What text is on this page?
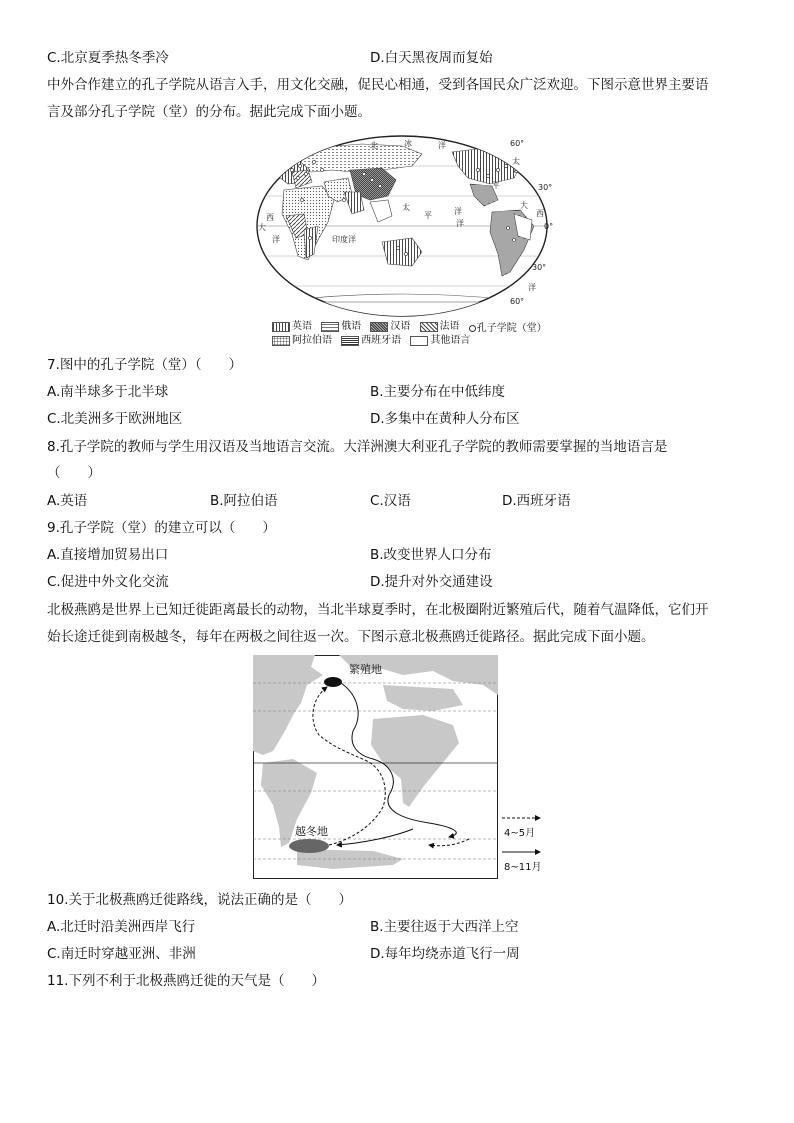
C.北京夏季热冬季冷	D.白天黑夜周而复始
中外合作建立的孔子学院从语言入手，用文化交融，促民心相通，受到各国民众广泛欢迎。下图示意世界主要语
言及部分孔子学院（堂）的分布。据此完成下面小题。
北	冰	洋
太
平
洋
太
平
洋
大
西
洋
西
印度洋
大
洋
60°
30°
0°
30°
60°
英语
	俄语
	汉语
	法语
孔子学院（堂）
阿拉伯语
	西班牙语
	其他语言
7.图中的孔子学院（堂）（　　）
A.南半球多于北半球	B.主要分布在中低纬度
C.北美洲多于欧洲地区	D.多集中在黄种人分布区
8.孔子学院的教师与学生用汉语及当地语言交流。大洋洲澳大利亚孔子学院的教师需要掌握的当地语言是
（　　）
A.英语	B.阿拉伯语	C.汉语	D.西班牙语
9.孔子学院（堂）的建立可以（　　）
A.直接增加贸易出口	B.改变世界人口分布
C.促进中外文化交流	D.提升对外交通建设
北极燕鸥是世界上已知迁徙距离最长的动物，当北半球夏季时，在北极圈附近繁殖后代，随着气温降低，它们开
始长途迁徙到南极越冬，每年在两极之间往返一次。下图示意北极燕鸥迁徙路径。据此完成下面小题。
繁殖地
越冬地	4~5月
8~11月
10.关于北极燕鸥迁徙路线，说法正确的是（　　）
A.北迁时沿美洲西岸飞行	B.主要往返于大西洋上空
C.南迁时穿越亚洲、非洲	D.每年均绕赤道飞行一周
11.下列不利于北极燕鸥迁徙的天气是（　　）
